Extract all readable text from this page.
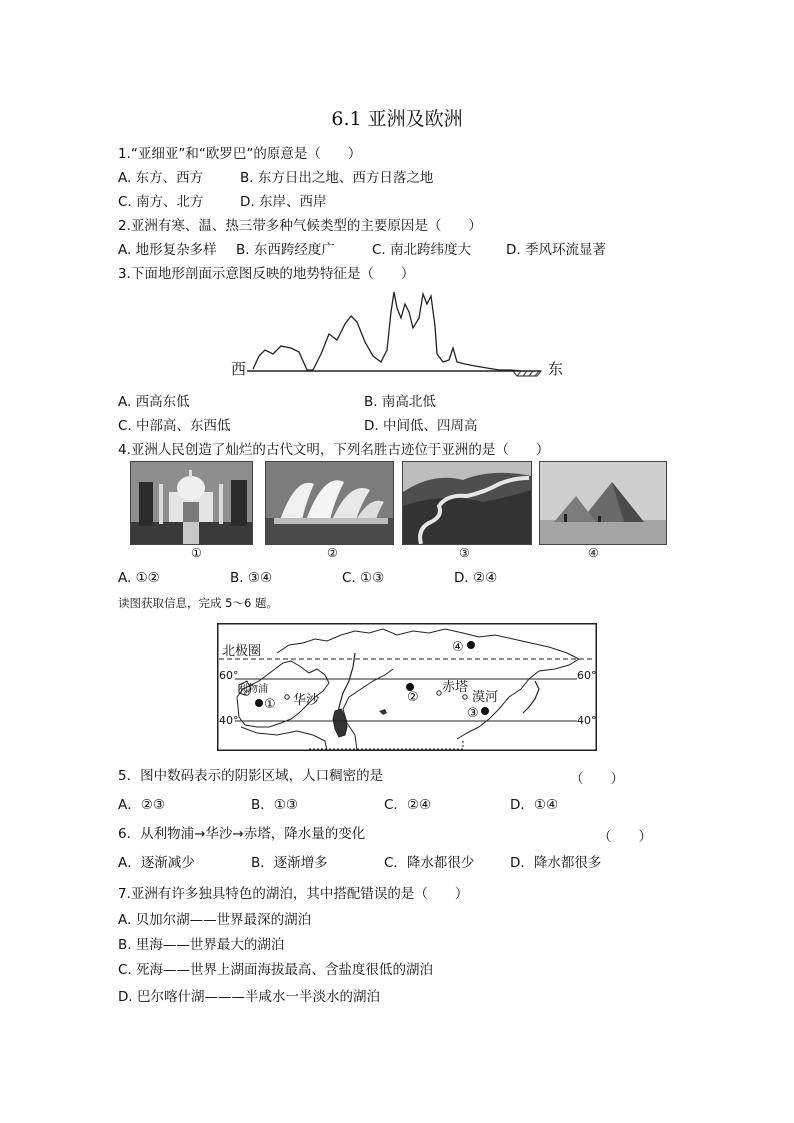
6.1 亚洲及欧洲
1.“亚细亚”和“欧罗巴”的原意是（　　）
A. 东方、西方	B. 东方日出之地、西方日落之地
C. 南方、北方	D. 东岸、西岸
2.亚洲有寒、温、热三带多种气候类型的主要原因是（　　）
A. 地形复杂多样 B. 东西跨经度广	C. 南北跨纬度大	D. 季风环流显著
3.下面地形剖面示意图反映的地势特征是（　　）
西	东
A. 西高东低	B. 南高北低
C. 中部高、东西低	D. 中间低、四周高
4.亚洲人民创造了灿烂的古代文明，下列名胜古迹位于亚洲的是（　　）
①	②	③	④
A. ①②	B. ③④	C. ①③	D. ②④
读图获取信息，完成 5～6 题。
北极圈
60°	60°
40°	40°
利物浦
华沙
赤塔
漠河
①	②
③
④
5．图中数码表示的阴影区域，人口稠密的是	（　　）
A．②③	B．①③	C．②④	D．①④
6．从利物浦→华沙→赤塔，降水量的变化	（　　）
A．逐渐减少	B．逐渐增多	C．降水都很少	D．降水都很多
7.亚洲有许多独具特色的湖泊，其中搭配错误的是（　　）
A. 贝加尔湖——世界最深的湖泊
B. 里海——世界最大的湖泊
C. 死海——世界上湖面海拔最高、含盐度很低的湖泊
D. 巴尔喀什湖———半咸水一半淡水的湖泊
